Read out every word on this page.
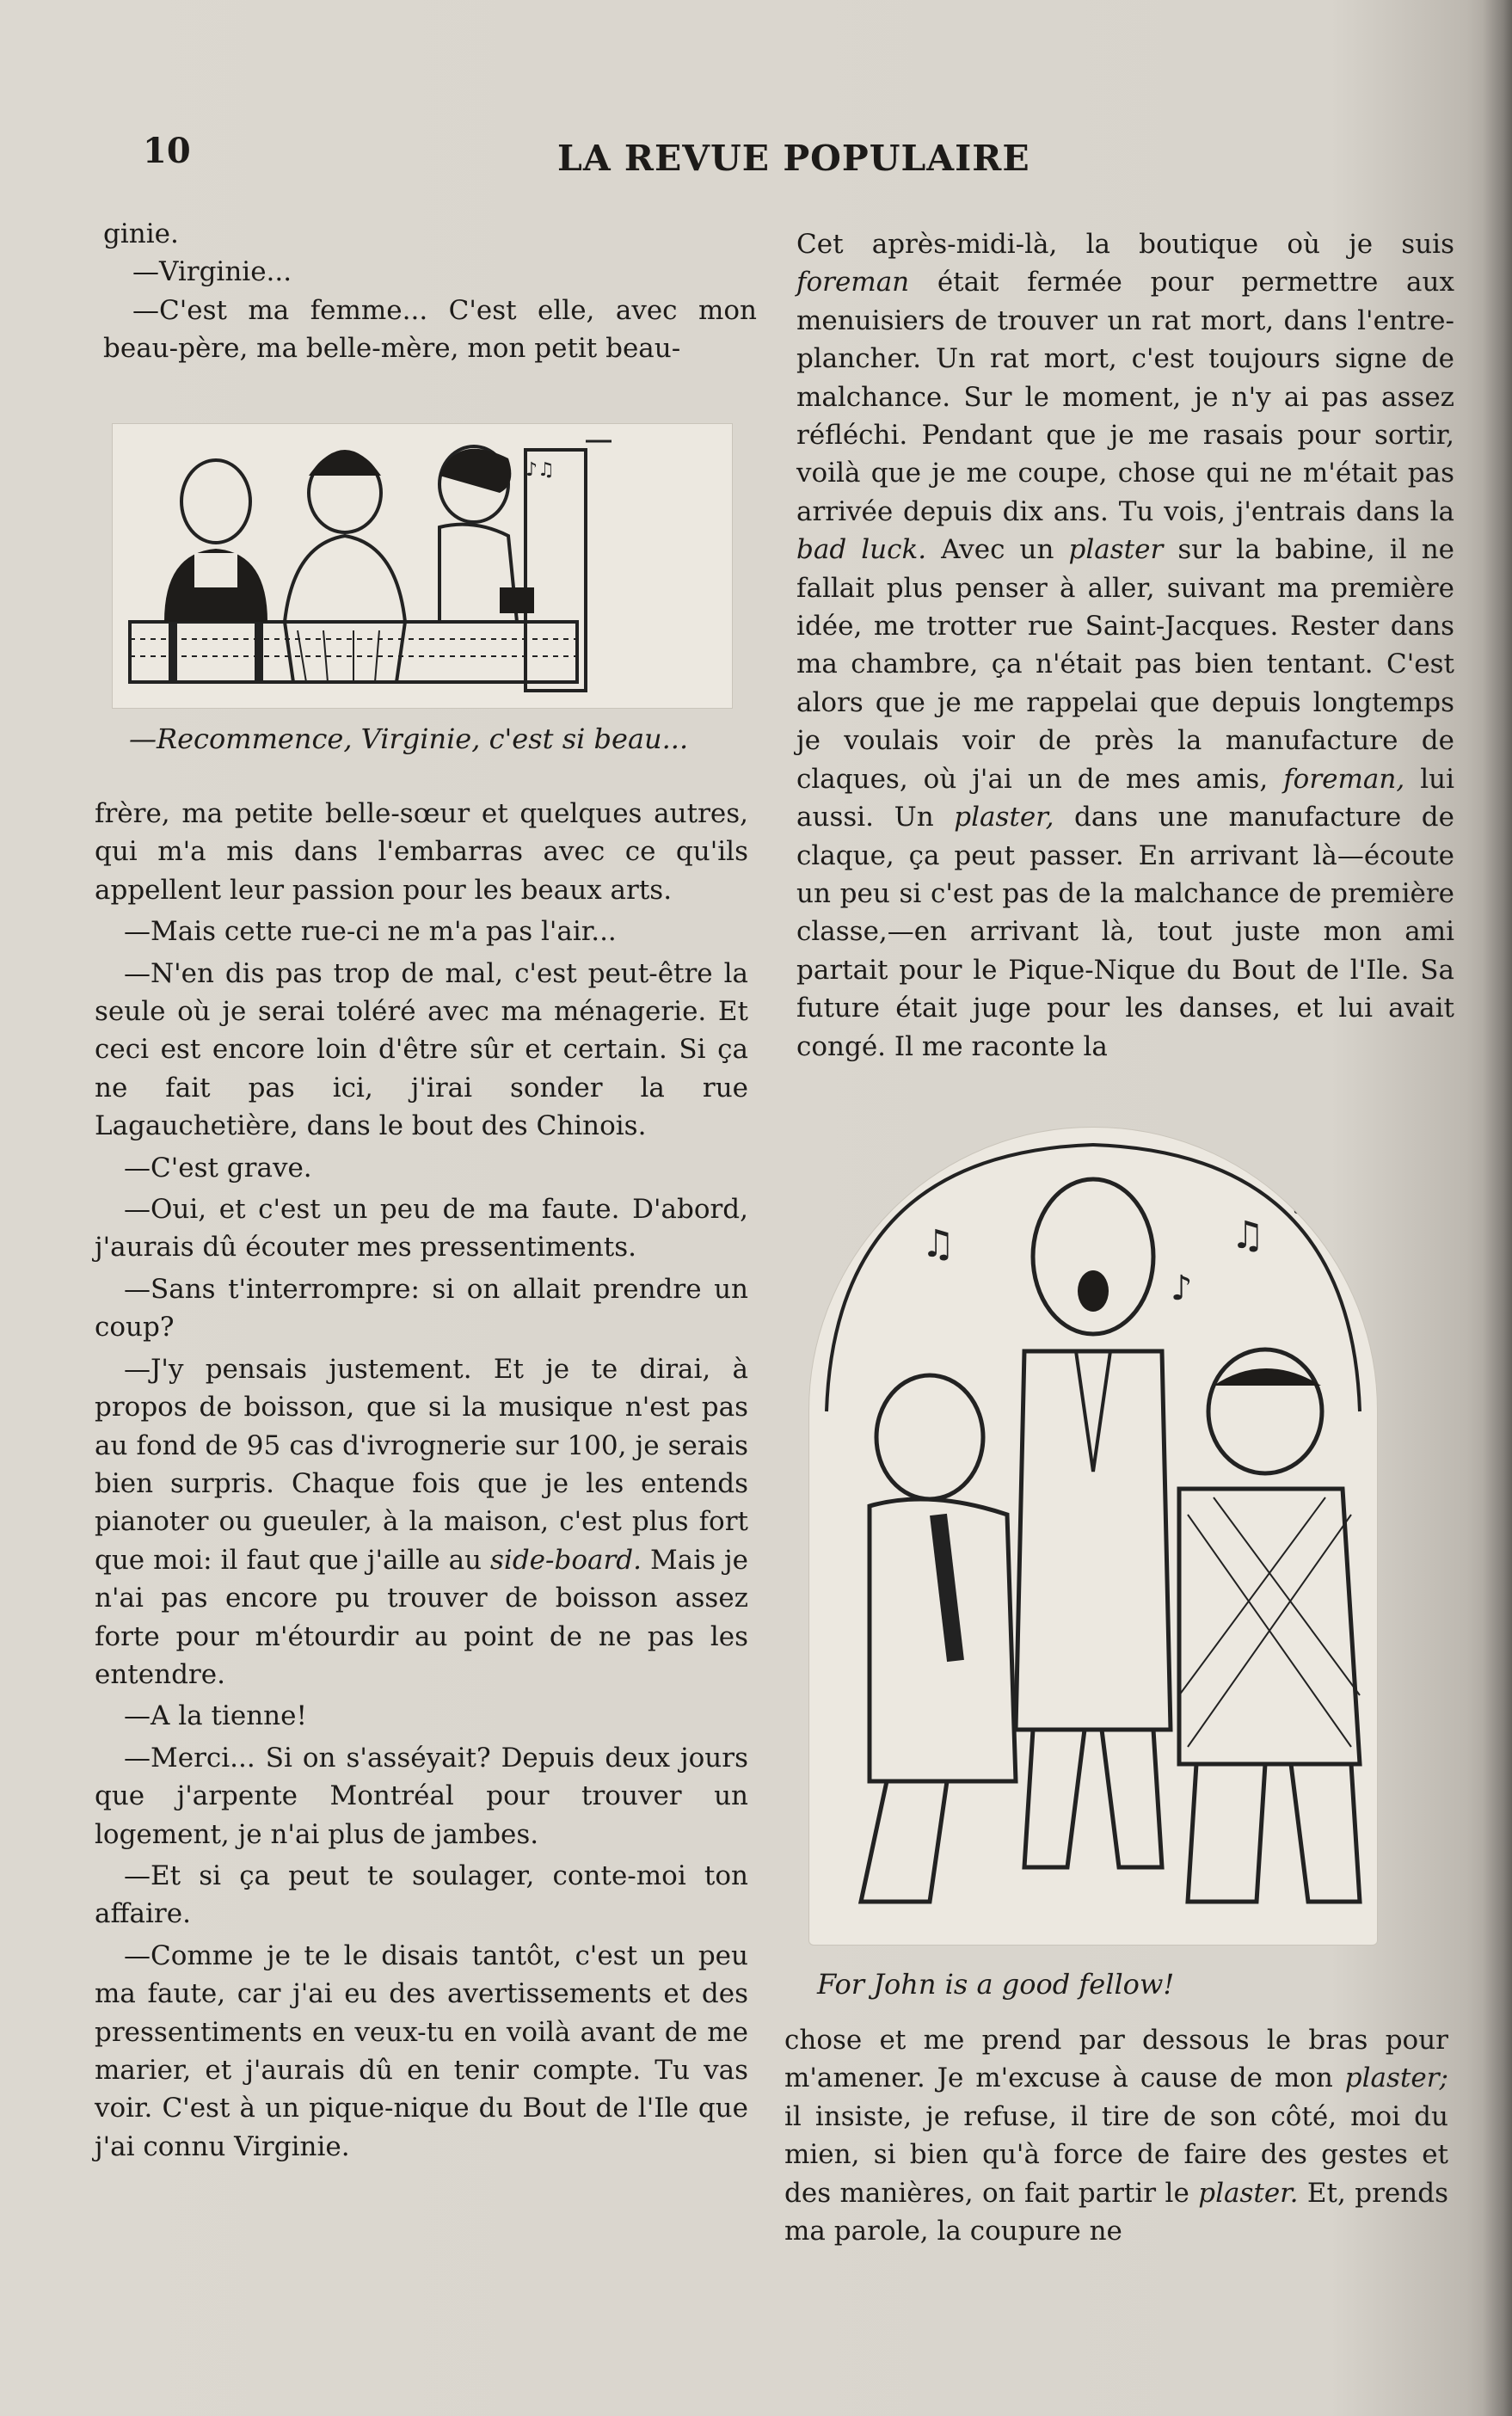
10	LA REVUE POPULAIRE

ginie.

—Virginie...

—C'est ma femme... C'est elle, avec mon beau-père, ma belle-mère, mon petit beau-

♪♫
—Recommence, Virginie, c'est si beau...

frère, ma petite belle-sœur et quelques autres, qui m'a mis dans l'embarras avec ce qu'ils appellent leur passion pour les beaux arts.

—Mais cette rue-ci ne m'a pas l'air...

—N'en dis pas trop de mal, c'est peut-être la seule où je serai toléré avec ma ménagerie. Et ceci est encore loin d'être sûr et certain. Si ça ne fait pas ici, j'irai sonder la rue Lagauchetière, dans le bout des Chinois.

—C'est grave.

—Oui, et c'est un peu de ma faute. D'abord, j'aurais dû écouter mes pressentiments.

—Sans t'interrompre: si on allait prendre un coup?

—J'y pensais justement. Et je te dirai, à propos de boisson, que si la musique n'est pas au fond de 95 cas d'ivrognerie sur 100, je serais bien surpris. Chaque fois que je les entends pianoter ou gueuler, à la maison, c'est plus fort que moi: il faut que j'aille au side-board. Mais je n'ai pas encore pu trouver de boisson assez forte pour m'étourdir au point de ne pas les entendre.

—A la tienne!

—Merci... Si on s'asséyait? Depuis deux jours que j'arpente Montréal pour trouver un logement, je n'ai plus de jambes.

—Et si ça peut te soulager, conte-moi ton affaire.

—Comme je te le disais tantôt, c'est un peu ma faute, car j'ai eu des avertissements et des pressentiments en veux-tu en voilà avant de me marier, et j'aurais dû en tenir compte. Tu vas voir. C'est à un pique-nique du Bout de l'Ile que j'ai connu Virginie.

Cet après-midi-là, la boutique où je suis foreman était fermée pour permettre aux menuisiers de trouver un rat mort, dans l'entre-plancher. Un rat mort, c'est toujours signe de malchance. Sur le moment, je n'y ai pas assez réfléchi. Pendant que je me rasais pour sortir, voilà que je me coupe, chose qui ne m'était pas arrivée depuis dix ans. Tu vois, j'entrais dans la bad luck. Avec un plaster sur la babine, il ne fallait plus penser à aller, suivant ma première idée, me trotter rue Saint-Jacques. Rester dans ma chambre, ça n'était pas bien tentant. C'est alors que je me rappelai que depuis longtemps je voulais voir de près la manufacture de claques, où j'ai un de mes amis, foreman, lui aussi. Un plaster, dans une manufacture de claque, ça peut passer. En arrivant là—écoute un peu si c'est pas de la malchance de première classe,—en arrivant là, tout juste mon ami partait pour le Pique-Nique du Bout de l'Ile. Sa future était juge pour les danses, et lui avait congé. Il me raconte la

♪
♫	♫
♪
♪
For John is a good fellow!

chose et me prend par dessous le bras pour m'amener. Je m'excuse à cause de mon plaster; il insiste, je refuse, il tire de son côté, moi du mien, si bien qu'à force de faire des gestes et des manières, on fait partir le plaster. Et, prends ma parole, la coupure ne
